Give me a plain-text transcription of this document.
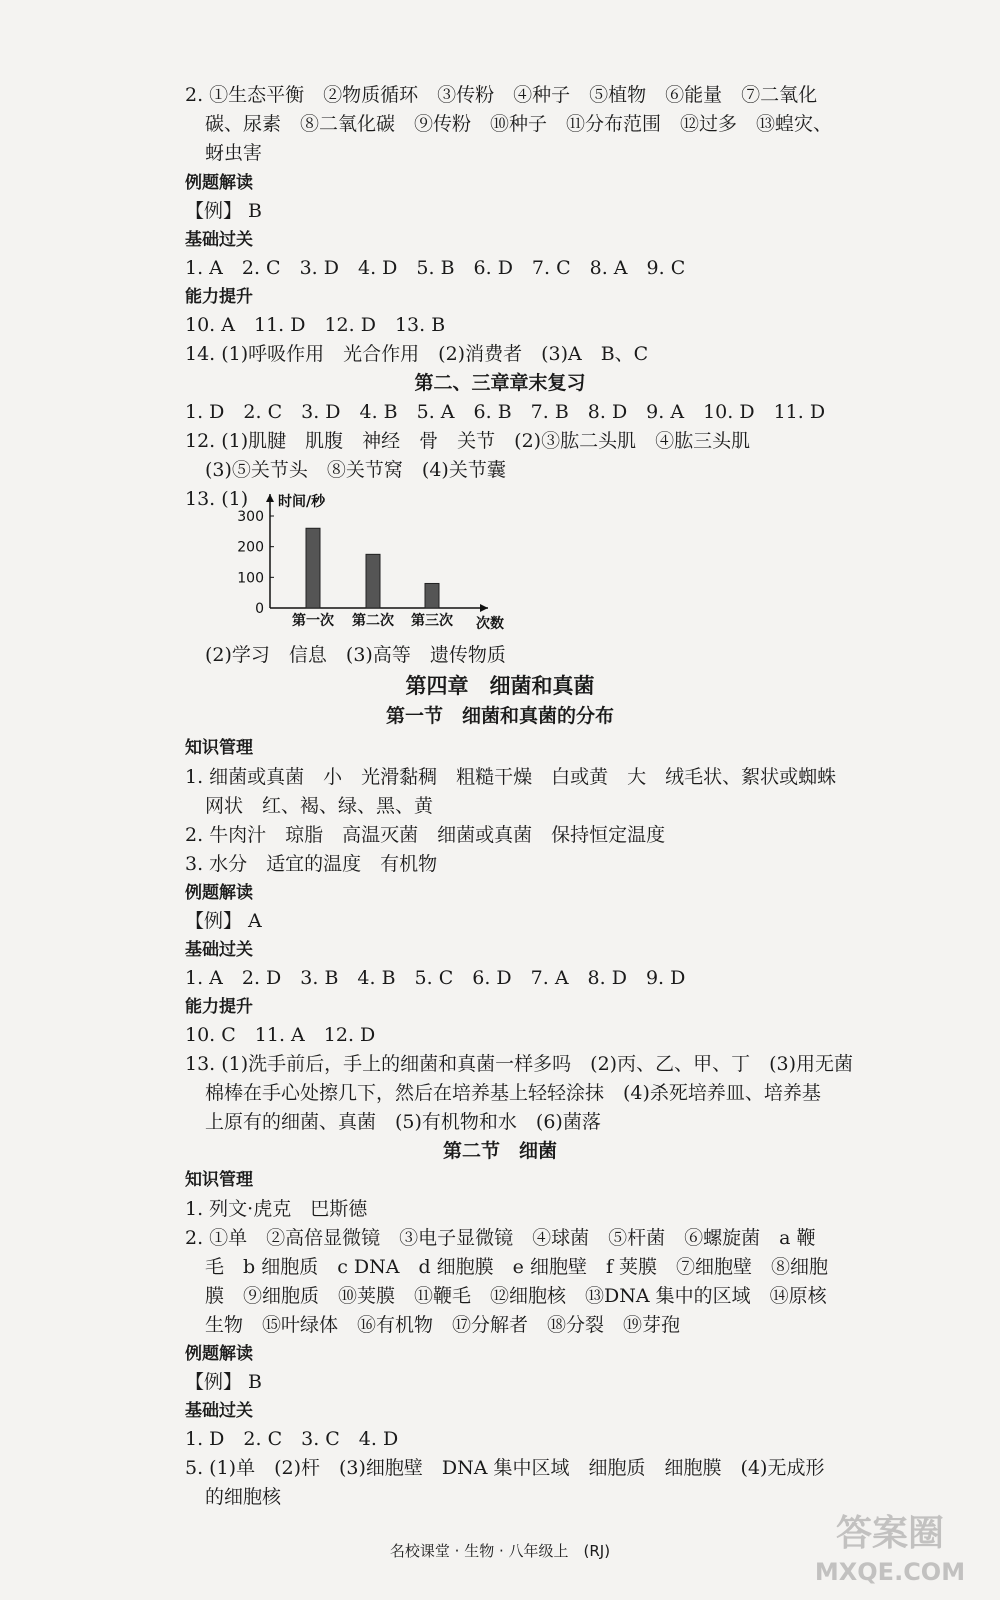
2. ①生态平衡　②物质循环　③传粉　④种子　⑤植物　⑥能量　⑦二氧化
碳、尿素　⑧二氧化碳　⑨传粉　⑩种子　⑪分布范围　⑫过多　⑬蝗灾、
蚜虫害
例题解读
【例】 B
基础过关
1. A　2. C　3. D　4. D　5. B　6. D　7. C　8. A　9. C
能力提升
10. A　11. D　12. D　13. B
14. (1)呼吸作用　光合作用　(2)消费者　(3)A　B、C
第二、三章章末复习
1. D　2. C　3. D　4. B　5. A　6. B　7. B　8. D　9. A　10. D　11. D
12. (1)肌腱　肌腹　神经　骨　关节　(2)③肱二头肌　④肱三头肌
(3)⑤关节头　⑧关节窝　(4)关节囊
13. (1) 时间/秒
0
100
200
300
第一次 第二次 第三次 次数
(2)学习　信息　(3)高等　遗传物质
第四章　细菌和真菌
第一节　细菌和真菌的分布
知识管理
1. 细菌或真菌　小　光滑黏稠　粗糙干燥　白或黄　大　绒毛状、絮状或蜘蛛
网状　红、褐、绿、黑、黄
2. 牛肉汁　琼脂　高温灭菌　细菌或真菌　保持恒定温度
3. 水分　适宜的温度　有机物
例题解读
【例】 A
基础过关
1. A　2. D　3. B　4. B　5. C　6. D　7. A　8. D　9. D
能力提升
10. C　11. A　12. D
13. (1)洗手前后，手上的细菌和真菌一样多吗　(2)丙、乙、甲、丁　(3)用无菌
棉棒在手心处擦几下，然后在培养基上轻轻涂抹　(4)杀死培养皿、培养基
上原有的细菌、真菌　(5)有机物和水　(6)菌落
第二节　细菌
知识管理
1. 列文·虎克　巴斯德
2. ①单　②高倍显微镜　③电子显微镜　④球菌　⑤杆菌　⑥螺旋菌　a 鞭
毛　b 细胞质　c DNA　d 细胞膜　e 细胞壁　f 荚膜　⑦细胞壁　⑧细胞
膜　⑨细胞质　⑩荚膜　⑪鞭毛　⑫细胞核　⑬DNA 集中的区域　⑭原核
生物　⑮叶绿体　⑯有机物　⑰分解者　⑱分裂　⑲芽孢
例题解读
【例】 B
基础过关
1. D　2. C　3. C　4. D
5. (1)单　(2)杆　(3)细胞壁　DNA 集中区域　细胞质　细胞膜　(4)无成形
的细胞核
名校课堂 · 生物 · 八年级上　(RJ)	答案圈
MXQE.COM
